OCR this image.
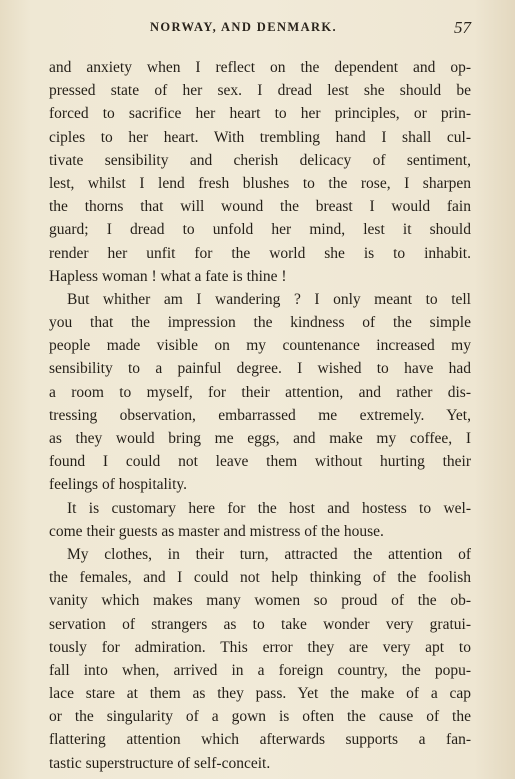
NORWAY, AND DENMARK.	57
and anxiety when I reflect on the dependent and op-
pressed state of her sex. I dread lest she should be
forced to sacrifice her heart to her principles, or prin-
ciples to her heart. With trembling hand I shall cul-
tivate sensibility and cherish delicacy of sentiment,
lest, whilst I lend fresh blushes to the rose, I sharpen
the thorns that will wound the breast I would fain
guard; I dread to unfold her mind, lest it should
render her unfit for the world she is to inhabit.
Hapless woman ! what a fate is thine !
But whither am I wandering ? I only meant to tell
you that the impression the kindness of the simple
people made visible on my countenance increased my
sensibility to a painful degree. I wished to have had
a room to myself, for their attention, and rather dis-
tressing observation, embarrassed me extremely. Yet,
as they would bring me eggs, and make my coffee, I
found I could not leave them without hurting their
feelings of hospitality.
It is customary here for the host and hostess to wel-
come their guests as master and mistress of the house.
My clothes, in their turn, attracted the attention of
the females, and I could not help thinking of the foolish
vanity which makes many women so proud of the ob-
servation of strangers as to take wonder very gratui-
tously for admiration. This error they are very apt to
fall into when, arrived in a foreign country, the popu-
lace stare at them as they pass. Yet the make of a cap
or the singularity of a gown is often the cause of the
flattering attention which afterwards supports a fan-
tastic superstructure of self-conceit.
